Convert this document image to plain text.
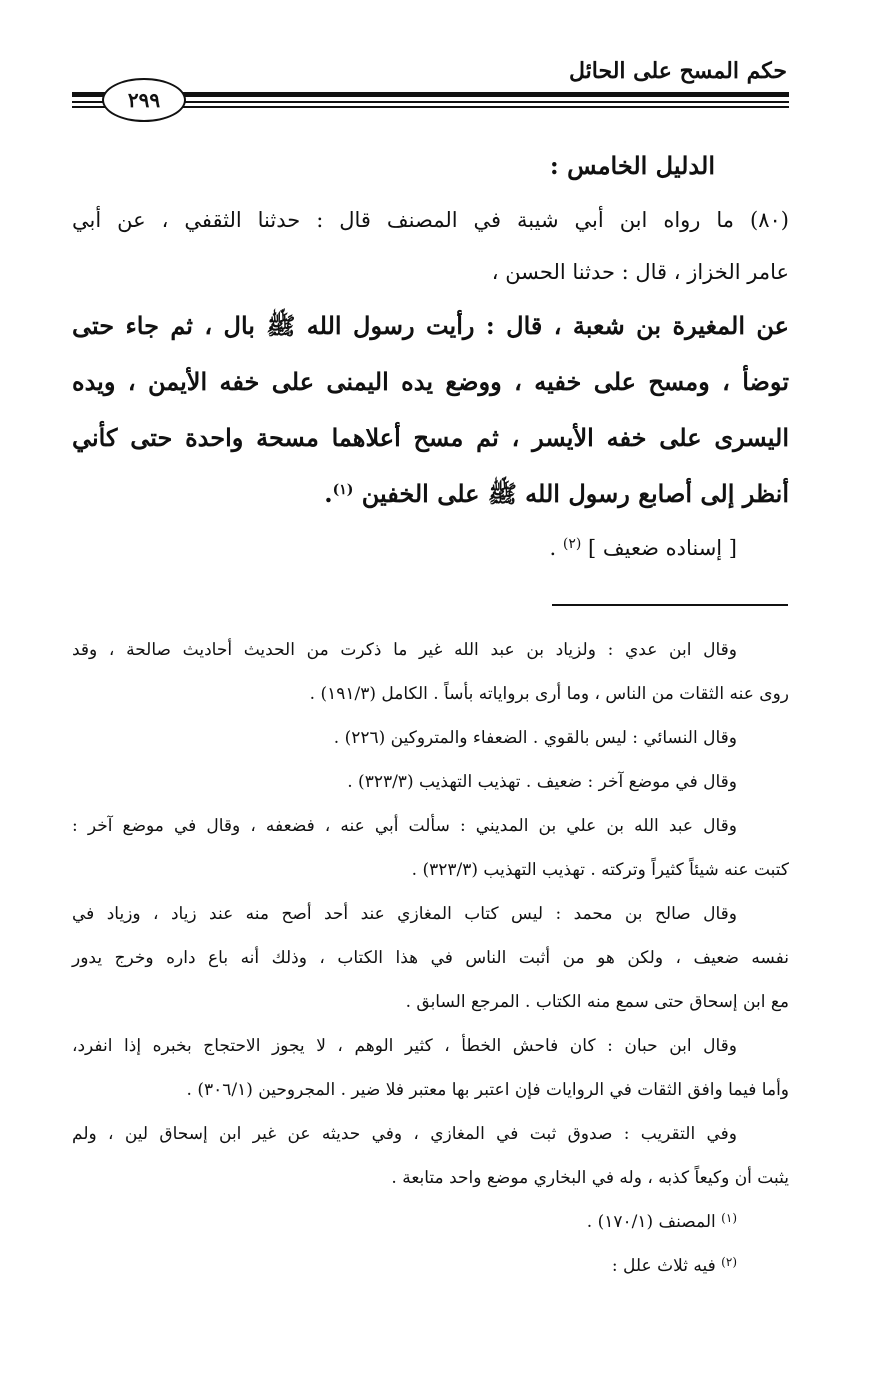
حكم المسح على الحائل
٢٩٩
الدليل الخامس :
(٨٠) ما رواه ابن أبي شيبة في المصنف قال : حدثنا الثقفي ، عن أبي
عامر الخزاز ، قال : حدثنا الحسن ،
عن المغيرة بن شعبة ، قال : رأيت رسول الله ﷺ بال ، ثم جاء حتى
توضأ ، ومسح على خفيه ، ووضع يده اليمنى على خفه الأيمن ، ويده
اليسرى على خفه الأيسر ، ثم مسح أعلاهما مسحة واحدة حتى كأني
أنظر إلى أصابع رسول الله ﷺ على الخفين $^{(١)}$.
[ إسناده ضعيف ] $^{(٢)}$ .
وقال ابن عدي : ولزياد بن عبد الله غير ما ذكرت من الحديث أحاديث صالحة ، وقد
روى عنه الثقات من الناس ، وما أرى برواياته بأساً . الكامل (١٩١/٣) .
وقال النسائي : ليس بالقوي . الضعفاء والمتروكين (٢٢٦) .
وقال في موضع آخر : ضعيف . تهذيب التهذيب (٣٢٣/٣) .
وقال عبد الله بن علي بن المديني : سألت أبي عنه ، فضعفه ، وقال في موضع آخر :
كتبت عنه شيئاً كثيراً وتركته . تهذيب التهذيب (٣٢٣/٣) .
وقال صالح بن محمد : ليس كتاب المغازي عند أحد أصح منه عند زياد ، وزياد في
نفسه ضعيف ، ولكن هو من أثبت الناس في هذا الكتاب ، وذلك أنه باع داره وخرج يدور
مع ابن إسحاق حتى سمع منه الكتاب . المرجع السابق .
وقال ابن حبان : كان فاحش الخطأ ، كثير الوهم ، لا يجوز الاحتجاج بخبره إذا انفرد،
وأما فيما وافق الثقات في الروايات فإن اعتبر بها معتبر فلا ضير . المجروحين (٣٠٦/١) .
وفي التقريب : صدوق ثبت في المغازي ، وفي حديثه عن غير ابن إسحاق لين ، ولم
يثبت أن وكيعاً كذبه ، وله في البخاري موضع واحد متابعة .
$^{(١)}$ المصنف (١٧٠/١) .
$^{(٢)}$ فيه ثلاث علل :
